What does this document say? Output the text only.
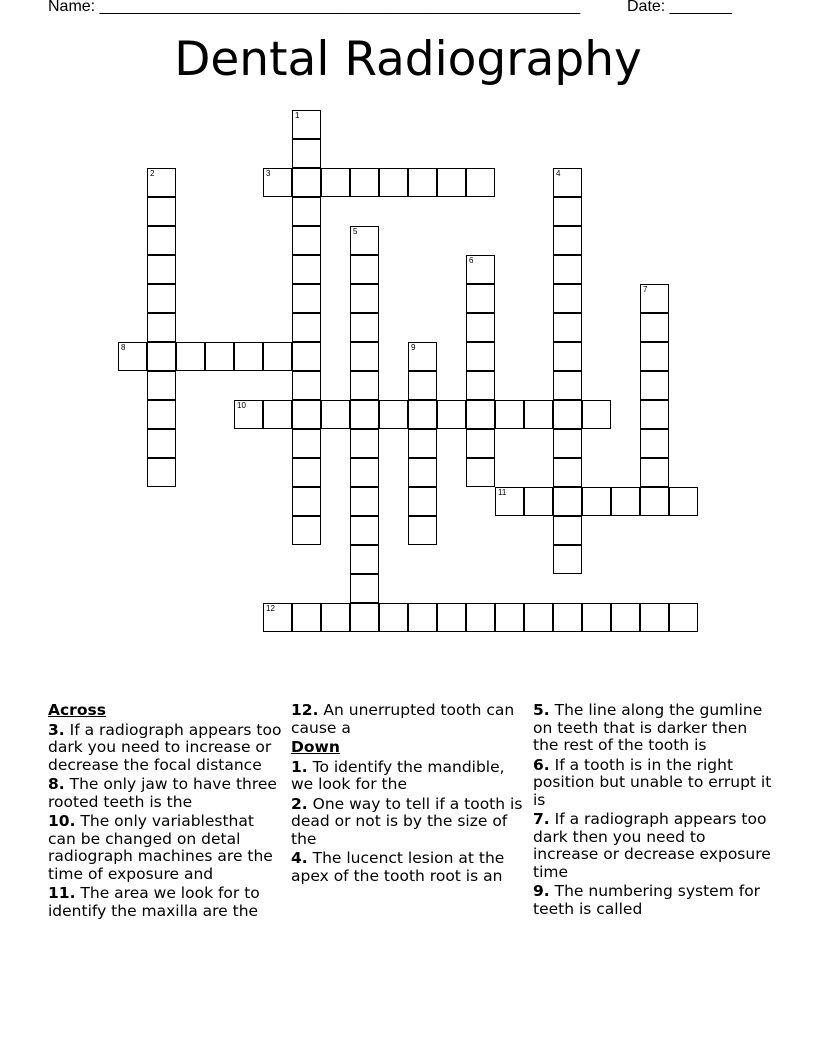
Name: ______________________________________________________	Date: _______
Dental Radiography
1
2	3	4
5
6
7
8	9
10
11
12
Across
3. If a radiograph appears too dark you need to increase or decrease the focal distance
8. The only jaw to have three rooted teeth is the
10. The only variablesthat can be changed on detal radiograph machines are the time of exposure and
11. The area we look for to identify the maxilla are the
12. An unerrupted tooth can cause a
Down
1. To identify the mandible, we look for the
2. One way to tell if a tooth is dead or not is by the size of the
4. The lucenct lesion at the apex of the tooth root is an
5. The line along the gumline on teeth that is darker then the rest of the tooth is
6. If a tooth is in the right position but unable to errupt it is
7. If a radiograph appears too dark then you need to increase or decrease exposure time
9. The numbering system for teeth is called
